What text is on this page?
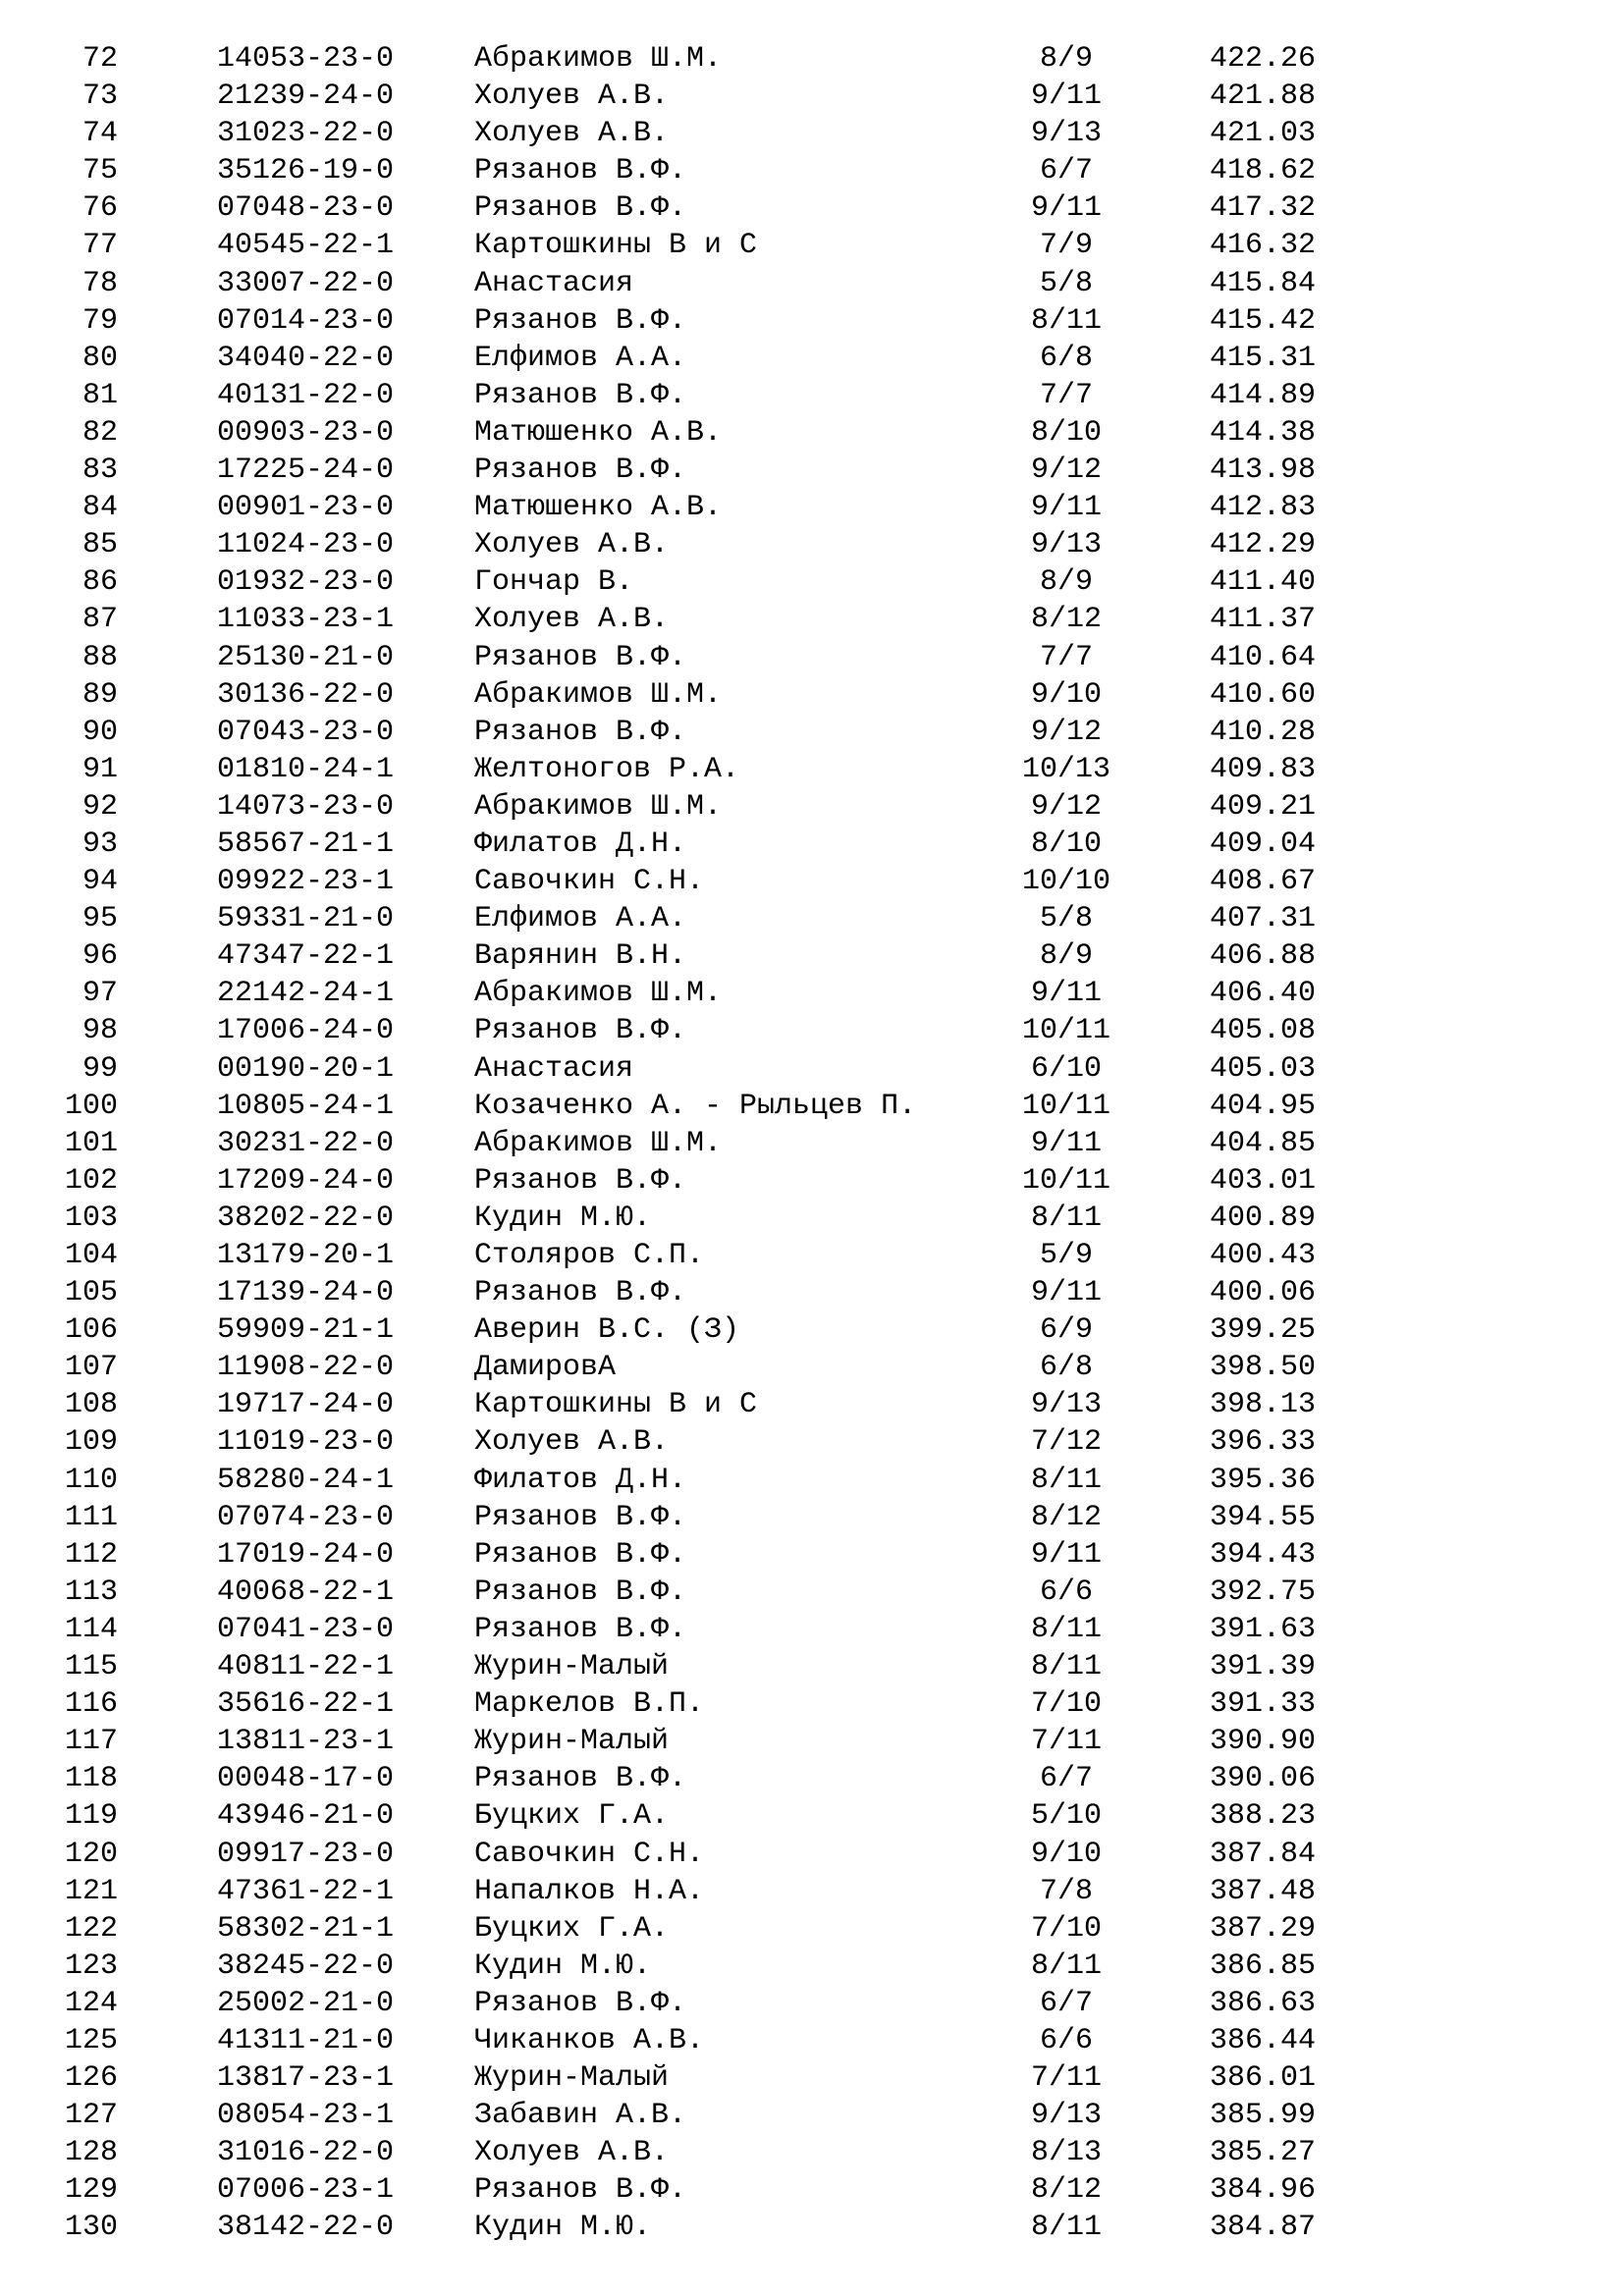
72	14053-23-0	Абракимов Ш.М.	8/9	422.26
73	21239-24-0	Холуев А.В.	9/11	421.88
74	31023-22-0	Холуев А.В.	9/13	421.03
75	35126-19-0	Рязанов В.Ф.	6/7	418.62
76	07048-23-0	Рязанов В.Ф.	9/11	417.32
77	40545-22-1	Картошкины В и С	7/9	416.32
78	33007-22-0	Анастасия	5/8	415.84
79	07014-23-0	Рязанов В.Ф.	8/11	415.42
80	34040-22-0	Елфимов А.А.	6/8	415.31
81	40131-22-0	Рязанов В.Ф.	7/7	414.89
82	00903-23-0	Матюшенко А.В.	8/10	414.38
83	17225-24-0	Рязанов В.Ф.	9/12	413.98
84	00901-23-0	Матюшенко А.В.	9/11	412.83
85	11024-23-0	Холуев А.В.	9/13	412.29
86	01932-23-0	Гончар В.	8/9	411.40
87	11033-23-1	Холуев А.В.	8/12	411.37
88	25130-21-0	Рязанов В.Ф.	7/7	410.64
89	30136-22-0	Абракимов Ш.М.	9/10	410.60
90	07043-23-0	Рязанов В.Ф.	9/12	410.28
91	01810-24-1	Желтоногов Р.А.	10/13	409.83
92	14073-23-0	Абракимов Ш.М.	9/12	409.21
93	58567-21-1	Филатов Д.Н.	8/10	409.04
94	09922-23-1	Савочкин С.Н.	10/10	408.67
95	59331-21-0	Елфимов А.А.	5/8	407.31
96	47347-22-1	Варянин В.Н.	8/9	406.88
97	22142-24-1	Абракимов Ш.М.	9/11	406.40
98	17006-24-0	Рязанов В.Ф.	10/11	405.08
99	00190-20-1	Анастасия	6/10	405.03
100	10805-24-1	Козаченко А. - Рыльцев П.	10/11	404.95
101	30231-22-0	Абракимов Ш.М.	9/11	404.85
102	17209-24-0	Рязанов В.Ф.	10/11	403.01
103	38202-22-0	Кудин М.Ю.	8/11	400.89
104	13179-20-1	Столяров С.П.	5/9	400.43
105	17139-24-0	Рязанов В.Ф.	9/11	400.06
106	59909-21-1	Аверин В.С. (З)	6/9	399.25
107	11908-22-0	ДамировА	6/8	398.50
108	19717-24-0	Картошкины В и С	9/13	398.13
109	11019-23-0	Холуев А.В.	7/12	396.33
110	58280-24-1	Филатов Д.Н.	8/11	395.36
111	07074-23-0	Рязанов В.Ф.	8/12	394.55
112	17019-24-0	Рязанов В.Ф.	9/11	394.43
113	40068-22-1	Рязанов В.Ф.	6/6	392.75
114	07041-23-0	Рязанов В.Ф.	8/11	391.63
115	40811-22-1	Журин-Малый	8/11	391.39
116	35616-22-1	Маркелов В.П.	7/10	391.33
117	13811-23-1	Журин-Малый	7/11	390.90
118	00048-17-0	Рязанов В.Ф.	6/7	390.06
119	43946-21-0	Буцких Г.А.	5/10	388.23
120	09917-23-0	Савочкин С.Н.	9/10	387.84
121	47361-22-1	Напалков Н.А.	7/8	387.48
122	58302-21-1	Буцких Г.А.	7/10	387.29
123	38245-22-0	Кудин М.Ю.	8/11	386.85
124	25002-21-0	Рязанов В.Ф.	6/7	386.63
125	41311-21-0	Чиканков А.В.	6/6	386.44
126	13817-23-1	Журин-Малый	7/11	386.01
127	08054-23-1	Забавин А.В.	9/13	385.99
128	31016-22-0	Холуев А.В.	8/13	385.27
129	07006-23-1	Рязанов В.Ф.	8/12	384.96
130	38142-22-0	Кудин М.Ю.	8/11	384.87
